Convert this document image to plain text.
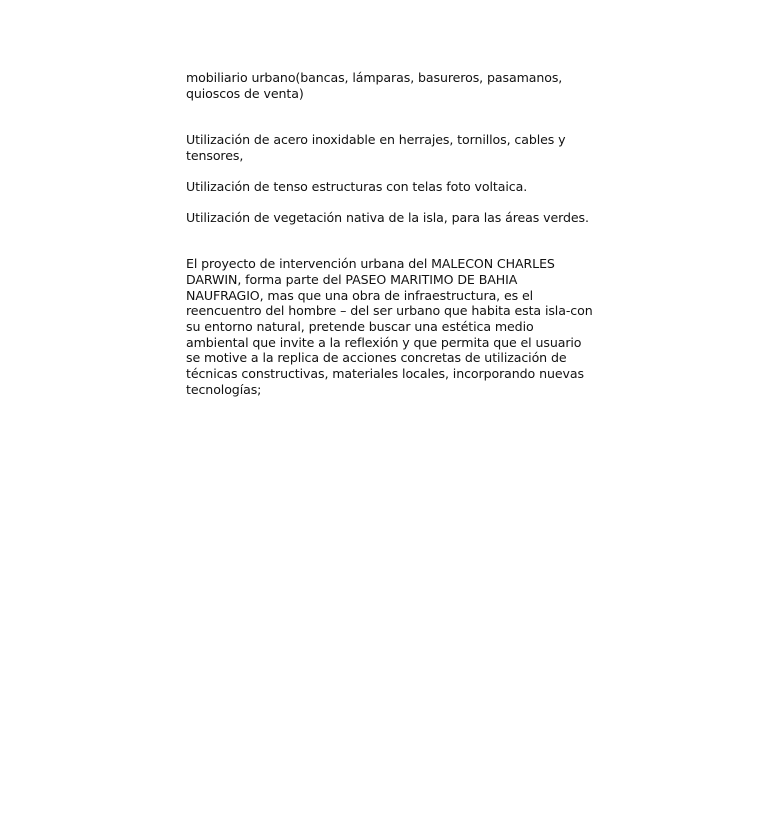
mobiliario urbano(bancas, lámparas, basureros, pasamanos, quioscos de venta)

Utilización de acero inoxidable en herrajes, tornillos, cables y tensores,

Utilización de tenso estructuras con telas foto voltaica.

Utilización de vegetación nativa de la isla, para las áreas verdes.

El proyecto de intervención urbana del MALECON CHARLES DARWIN, forma parte del PASEO MARITIMO DE BAHIA NAUFRAGIO, mas que una obra de infraestructura, es el reencuentro del hombre – del ser urbano que habita esta isla-con su entorno natural, pretende buscar una estética medio ambiental que invite a la reflexión y que permita que el usuario se motive a la replica de acciones concretas de utilización de técnicas constructivas, materiales locales, incorporando nuevas tecnologías;
